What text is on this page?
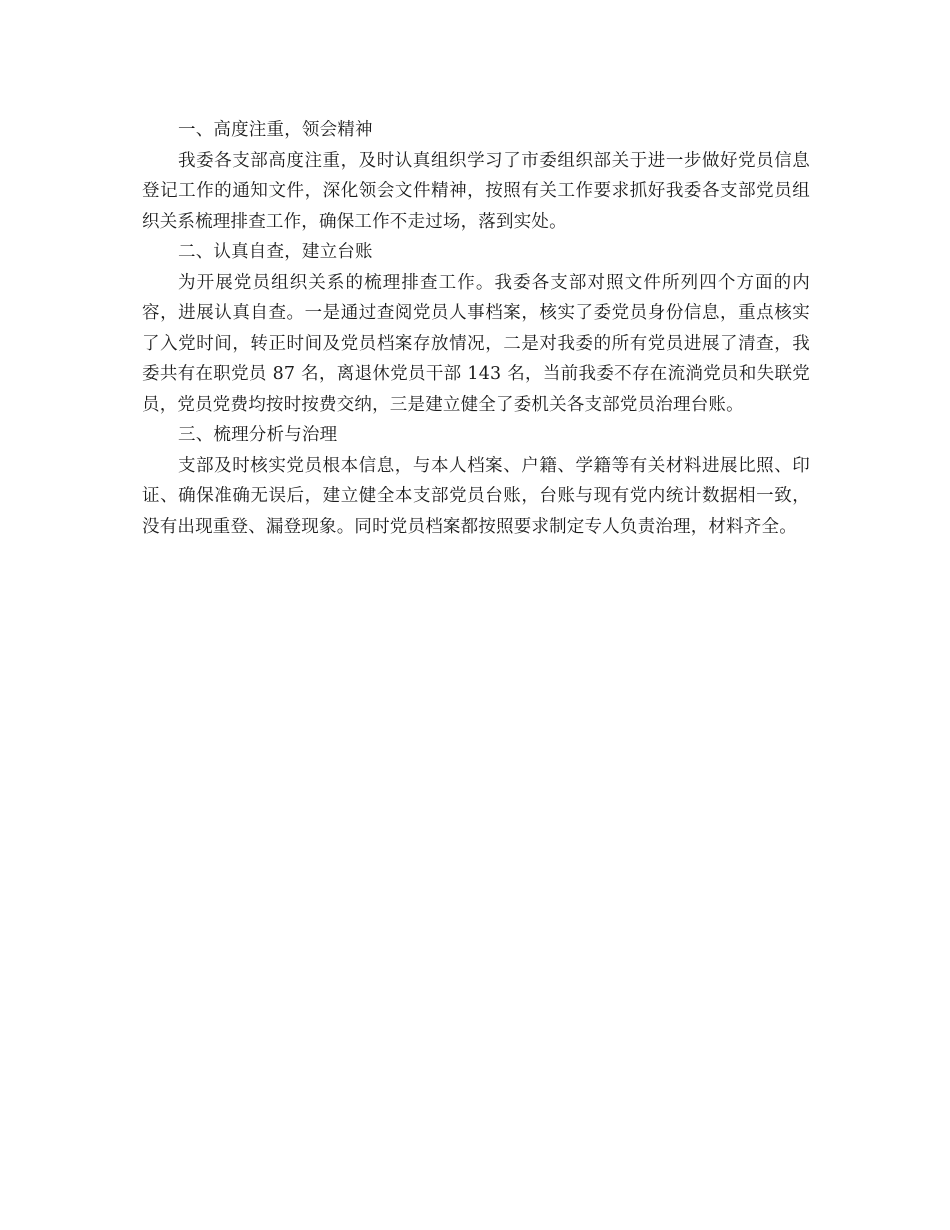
一、高度注重，领会精神

我委各支部高度注重，及时认真组织学习了市委组织部关于进一步做好党员信息登记工作的通知文件，深化领会文件精神，按照有关工作要求抓好我委各支部党员组织关系梳理排查工作，确保工作不走过场，落到实处。

二、认真自查，建立台账

为开展党员组织关系的梳理排查工作。我委各支部对照文件所列四个方面的内容，进展认真自查。一是通过查阅党员人事档案，核实了委党员身份信息，重点核实了入党时间，转正时间及党员档案存放情况，二是对我委的所有党员进展了清查，我委共有在职党员 87 名，离退休党员干部 143 名，当前我委不存在流淌党员和失联党员，党员党费均按时按费交纳，三是建立健全了委机关各支部党员治理台账。

三、梳理分析与治理

支部及时核实党员根本信息，与本人档案、户籍、学籍等有关材料进展比照、印证、确保准确无误后，建立健全本支部党员台账，台账与现有党内统计数据相一致，没有出现重登、漏登现象。同时党员档案都按照要求制定专人负责治理，材料齐全。
